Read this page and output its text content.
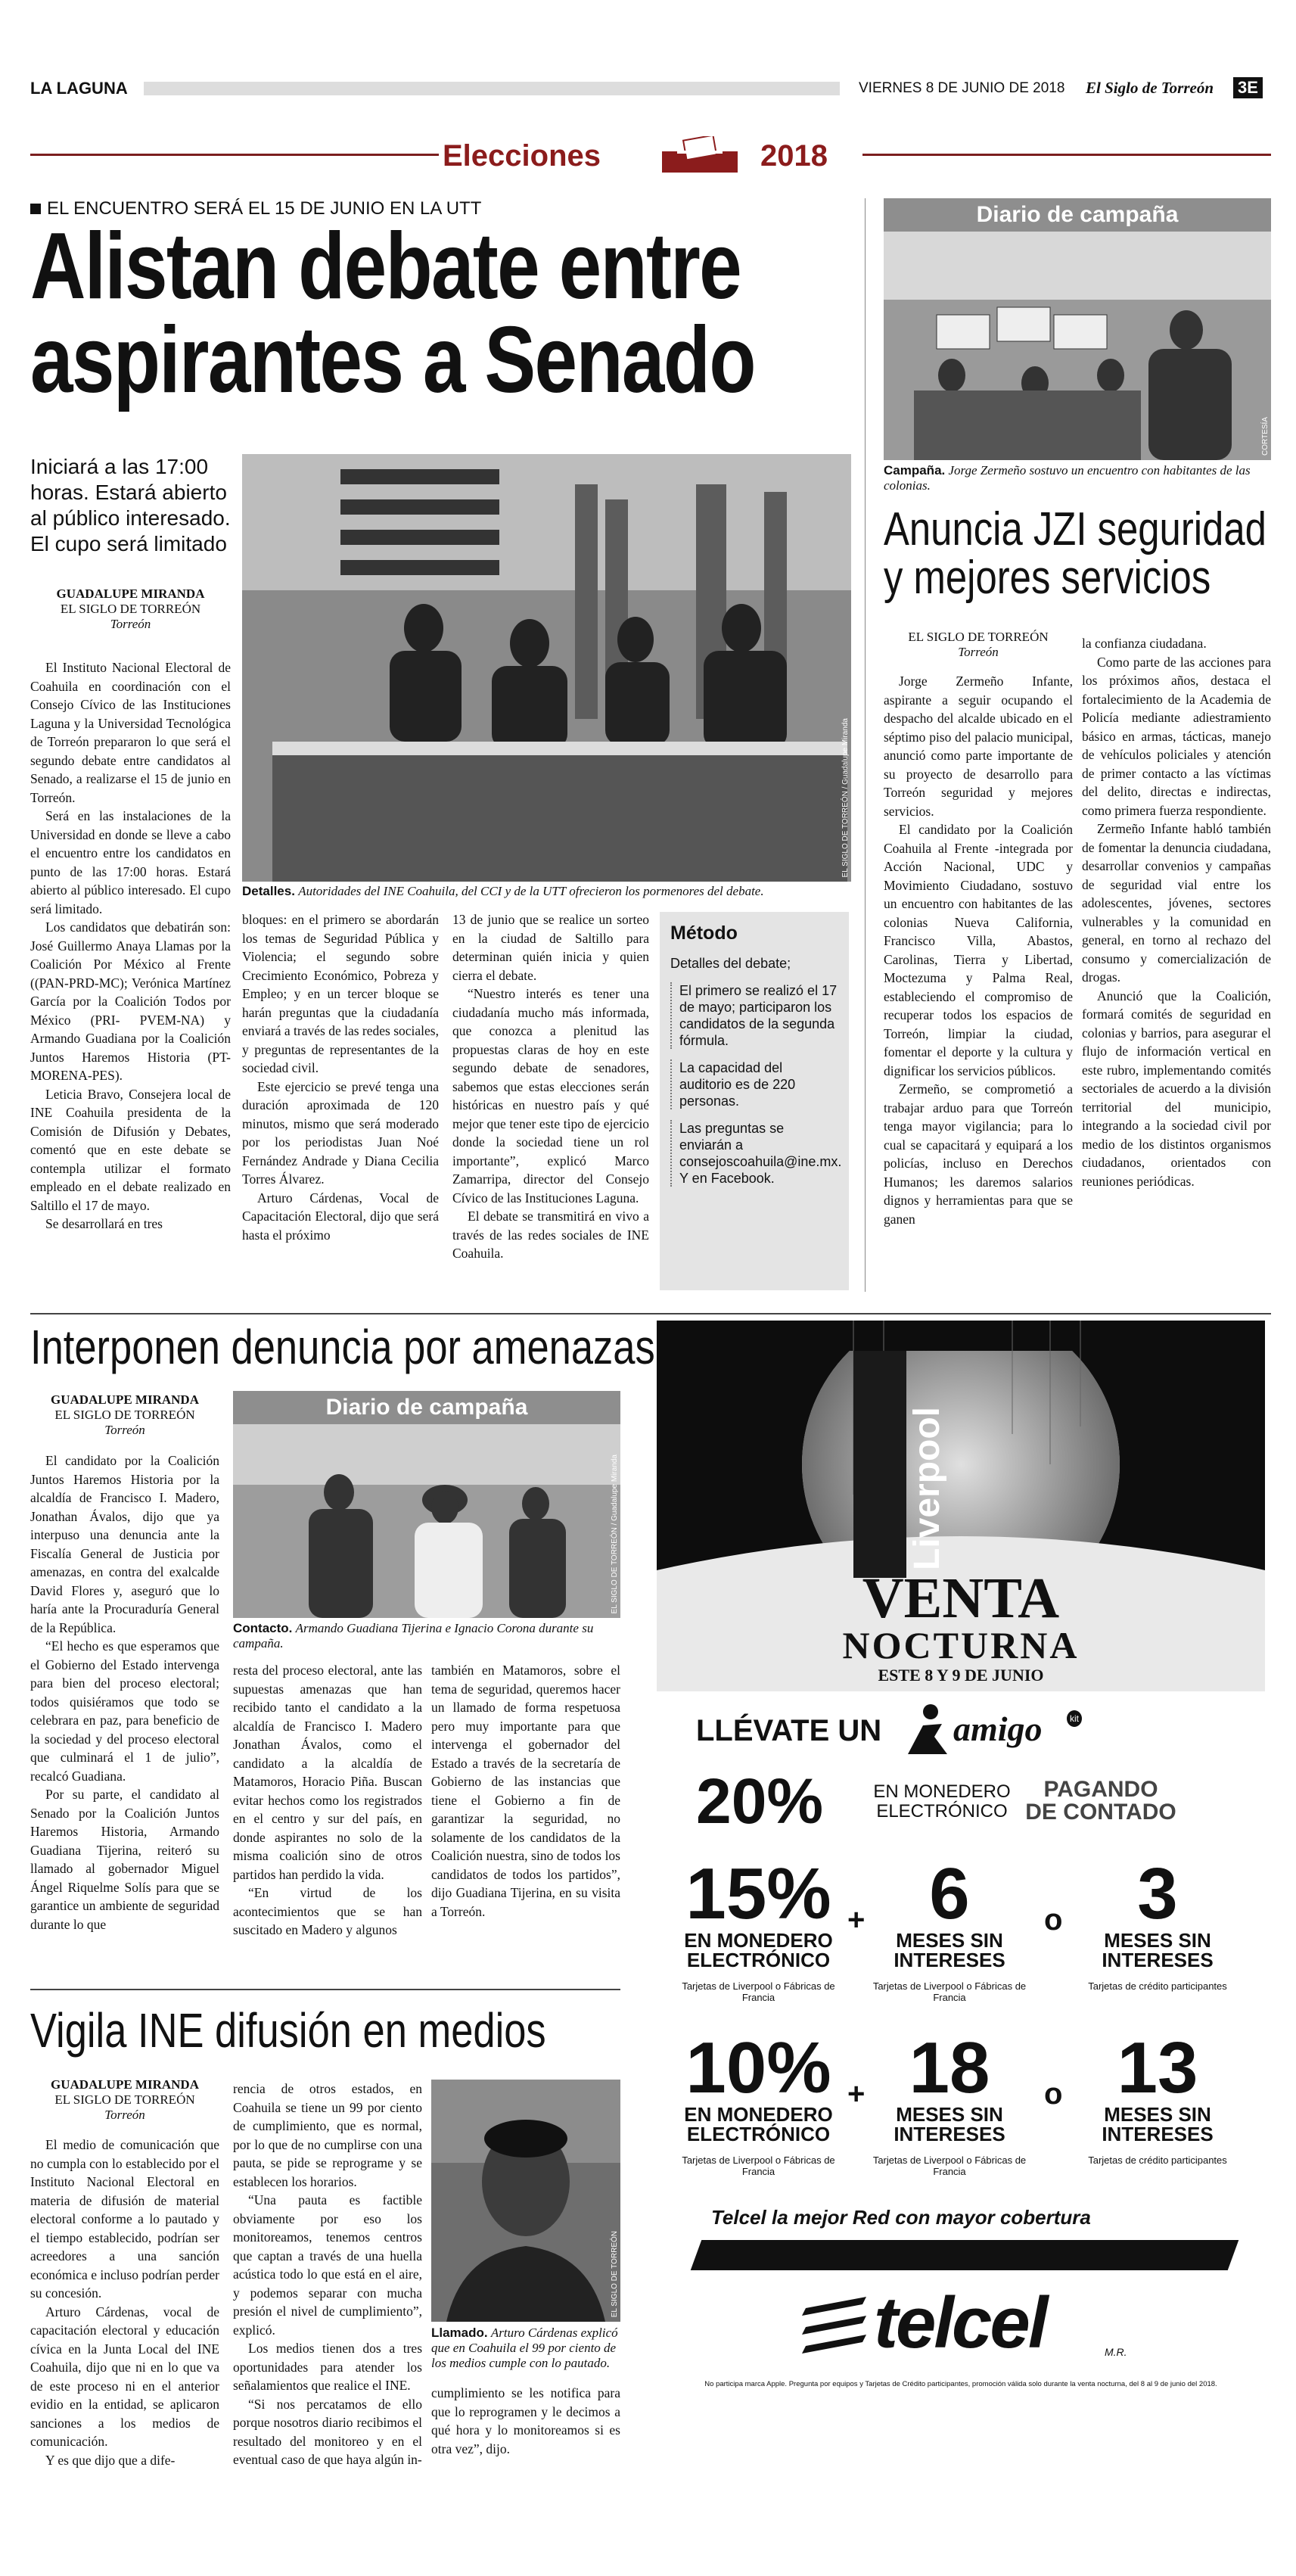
LA LAGUNA	VIERNES 8 DE JUNIO DE 2018 El Siglo de Torreón 3E
Elecciones	2018
EL ENCUENTRO SERÁ EL 15 DE JUNIO EN LA UTT
Alistan debate entre
aspirantes a Senado
Iniciará a las 17:00 horas. Estará abierto al público interesado. El cupo será limitado
GUADALUPE MIRANDA
EL SIGLO DE TORREÓN
Torreón

El Instituto Nacional Electoral de Coahuila en coordinación con el Consejo Cívico de las Instituciones Laguna y la Universidad Tecnológica de Torreón prepararon lo que será el segundo debate entre candidatos al Senado, a realizarse el 15 de junio en Torreón.

Será en las instalaciones de la Universidad en donde se lleve a cabo el encuentro entre los candidatos en punto de las 17:00 horas. Estará abierto al público interesado. El cupo será limitado.

Los candidatos que debatirán son: José Guillermo Anaya Llamas por la Coalición Por México al Frente ((PAN-PRD-MC); Verónica Martínez García por la Coalición Todos por México (PRI- PVEM-NA) y Armando Guadiana por la Coalición Juntos Haremos Historia (PT-MORENA-PES).

Leticia Bravo, Consejera local de INE Coahuila presidenta de la Comisión de Difusión y Debates, comentó que en este debate se contempla utilizar el formato empleado en el debate realizado en Saltillo el 17 de mayo.

Se desarrollará en tres

EL SIGLO DE TORREÓN / Guadalupe Miranda
Detalles. Autoridades del INE Coahuila, del CCI y de la UTT ofrecieron los pormenores del debate.

bloques: en el primero se abordarán los temas de Seguridad Pública y Violencia; el segundo sobre Crecimiento Económico, Pobreza y Empleo; y en un tercer bloque se harán preguntas que la ciudadanía enviará a través de las redes sociales, y preguntas de representantes de la sociedad civil.

Este ejercicio se prevé tenga una duración aproximada de 120 minutos, mismo que será moderado por los periodistas Juan Noé Fernández Andrade y Diana Cecilia Torres Álvarez.

Arturo Cárdenas, Vocal de Capacitación Electoral, dijo que será hasta el próximo

13 de junio que se realice un sorteo en la ciudad de Saltillo para determinan quién inicia y quien cierra el debate.

“Nuestro interés es tener una ciudadanía mucho más informada, que conozca a plenitud las propuestas claras de hoy en este segundo debate de senadores, sabemos que estas elecciones serán históricas en nuestro país y qué mejor que tener este tipo de ejercicio donde la sociedad tiene un rol importante”, explicó Marco Zamarripa, director del Consejo Cívico de las Instituciones Laguna.

El debate se transmitirá en vivo a través de las redes sociales de INE Coahuila.

Método
Detalles del debate;
El primero se realizó el 17 de mayo; participaron los candidatos de la segunda fórmula.
La capacidad del auditorio es de 220 personas.
Las preguntas se enviarán a consejoscoahuila@ine.mx. Y en Facebook.
Diario de campaña
CORTESÍA
Campaña. Jorge Zermeño sostuvo un encuentro con habitantes de las colonias.
Anuncia JZI seguridad
y mejores servicios
EL SIGLO DE TORREÓN
Torreón

Jorge Zermeño Infante, aspirante a seguir ocupando el despacho del alcalde ubicado en el séptimo piso del palacio municipal, anunció como parte importante de su proyecto de desarrollo para Torreón seguridad y mejores servicios.

El candidato por la Coalición Coahuila al Frente -integrada por Acción Nacional, UDC y Movimiento Ciudadano, sostuvo un encuentro con habitantes de las colonias Nueva California, Francisco Villa, Abastos, Carolinas, Tierra y Libertad, Moctezuma y Palma Real, estableciendo el compromiso de recuperar todos los espacios de Torreón, limpiar la ciudad, fomentar el deporte y la cultura y dignificar los servicios públicos.

Zermeño, se comprometió a trabajar arduo para que Torreón tenga mayor vigilancia; para lo cual se capacitará y equipará a los policías, incluso en Derechos Humanos; les daremos salarios dignos y herramientas para que se ganen

la confianza ciudadana.

Como parte de las acciones para los próximos años, destaca el fortalecimiento de la Academia de Policía mediante adiestramiento básico en armas, tácticas, manejo de vehículos policiales y atención de primer contacto a las víctimas del delito, directas e indirectas, como primera fuerza respondiente.

Zermeño Infante habló también de fomentar la denuncia ciudadana, desarrollar convenios y campañas de seguridad vial entre los adolescentes, jóvenes, sectores vulnerables y la comunidad en general, en torno al rechazo del consumo y comercialización de drogas.

Anunció que la Coalición, formará comités de seguridad en colonias y barrios, para asegurar el flujo de información vertical en este rubro, implementando comités sectoriales de acuerdo a la división territorial del municipio, integrando a la sociedad civil por medio de los distintos organismos ciudadanos, orientados con reuniones periódicas.

Interponen denuncia por amenazas
GUADALUPE MIRANDA
EL SIGLO DE TORREÓN
Torreón

El candidato por la Coalición Juntos Haremos Historia por la alcaldía de Francisco I. Madero, Jonathan Ávalos, dijo que ya interpuso una denuncia ante la Fiscalía General de Justicia por amenazas, en contra del exalcalde David Flores y, aseguró que lo haría ante la Procuraduría General de la República.

“El hecho es que esperamos que el Gobierno del Estado intervenga para bien del proceso electoral; todos quisiéramos que todo se celebrara en paz, para beneficio de la sociedad y del proceso electoral que culminará el 1 de julio”, recalcó Guadiana.

Por su parte, el candidato al Senado por la Coalición Juntos Haremos Historia, Armando Guadiana Tijerina, reiteró su llamado al gobernador Miguel Ángel Riquelme Solís para que se garantice un ambiente de seguridad durante lo que

Diario de campaña
EL SIGLO DE TORREÓN / Guadalupe Miranda
Contacto. Armando Guadiana Tijerina e Ignacio Corona durante su campaña.

resta del proceso electoral, ante las supuestas amenazas que han recibido tanto el candidato a la alcaldía de Francisco I. Madero Jonathan Ávalos, como el candidato a la alcaldía de Matamoros, Horacio Piña. Buscan evitar hechos como los registrados en el centro y sur del país, en donde aspirantes no solo de la misma coalición sino de otros partidos han perdido la vida.

“En virtud de los acontecimientos que se han suscitado en Madero y algunos

también en Matamoros, sobre el tema de seguridad, queremos hacer un llamado de forma respetuosa pero muy importante para que intervenga el gobernador del Estado a través de la secretaría de Gobierno de las instancias que tiene el Gobierno a fin de garantizar la seguridad, no solamente de los candidatos de la Coalición nuestra, sino de todos los candidatos de todos los partidos”, dijo Guadiana Tijerina, en su visita a Torreón.

Vigila INE difusión en medios
GUADALUPE MIRANDA
EL SIGLO DE TORREÓN
Torreón

El medio de comunicación que no cumpla con lo establecido por el Instituto Nacional Electoral en materia de difusión de material electoral conforme a lo pautado y el tiempo establecido, podrían ser acreedores a una sanción económica e incluso podrían perder su concesión.

Arturo Cárdenas, vocal de capacitación electoral y educación cívica en la Junta Local del INE Coahuila, dijo que ni en lo que va de este proceso ni en el anterior evidio en la entidad, se aplicaron sanciones a los medios de comunicación.

Y es que dijo que a dife-

rencia de otros estados, en Coahuila se tiene un 99 por ciento de cumplimiento, que es normal, por lo que de no cumplirse con una pauta, se pide se reprograme y se establecen los horarios.

“Una pauta es factible obviamente por eso los monitoreamos, tenemos centros que captan a través de una huella acústica todo lo que está en el aire, y podemos separar con mucha presión el nivel de cumplimiento”, explicó.

Los medios tienen dos a tres oportunidades para atender los señalamientos que realice el INE.

“Si nos percatamos de ello porque nosotros diario recibimos el resultado del monitoreo y en el eventual caso de que haya algún in-

EL SIGLO DE TORREÓN
Llamado. Arturo Cárdenas explicó que en Coahuila el 99 por ciento de los medios cumple con lo pautado.

cumplimiento se les notifica para que lo reprogramen y le decimos a qué hora y lo monitoreamos si es otra vez”, dijo.

Liverpool
VENTA
NOCTURNA
ESTE 8 Y 9 DE JUNIO
LLÉVATE UN amigo	kit
20%	EN MONEDERO ELECTRÓNICO
PAGANDO DE CONTADO
15%
EN MONEDERO ELECTRÓNICO
Tarjetas de Liverpool o Fábricas de Francia
+ 6
MESES SIN INTERESES
Tarjetas de Liverpool o Fábricas de Francia
o	3
MESES SIN INTERESES
Tarjetas de crédito participantes
10%
EN MONEDERO ELECTRÓNICO
Tarjetas de Liverpool o Fábricas de Francia
+ 18
MESES SIN INTERESES
Tarjetas de Liverpool o Fábricas de Francia
o 13
MESES SIN INTERESES
Tarjetas de crédito participantes
Telcel la mejor Red con mayor cobertura
telcel	M.R.
No participa marca Apple. Pregunta por equipos y Tarjetas de Crédito participantes, promoción válida solo durante la venta nocturna, del 8 al 9 de junio del 2018.
